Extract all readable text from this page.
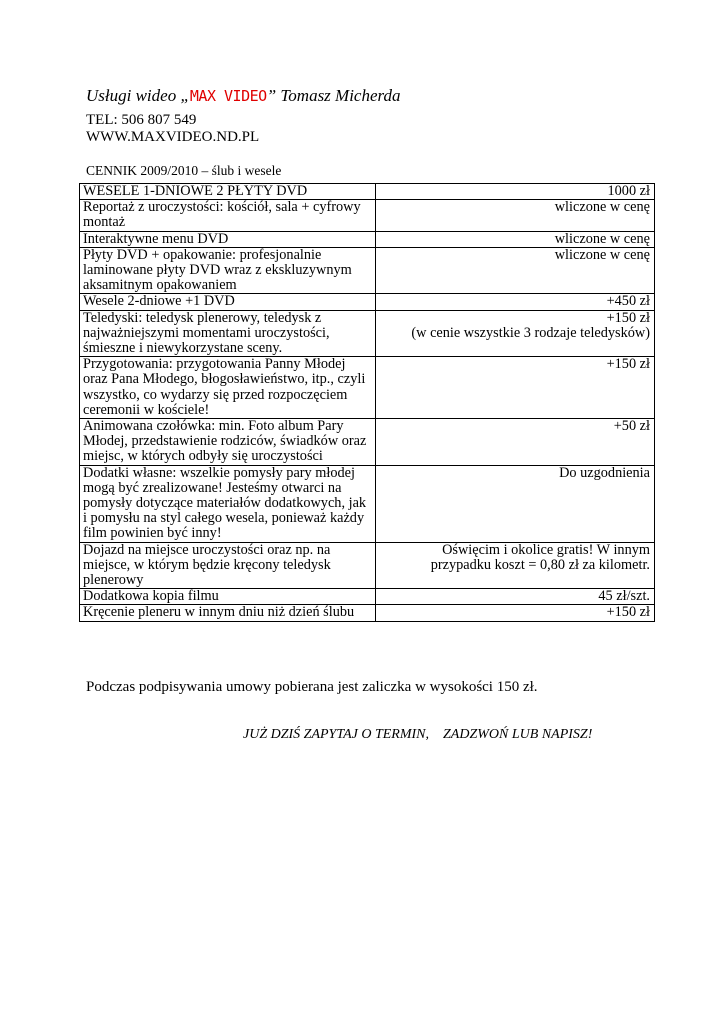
Usługi wideo „MAX VIDEO” Tomasz Micherda
TEL: 506 807 549
WWW.MAXVIDEO.ND.PL
CENNIK 2009/2010 – ślub i wesele
WESELE 1-DNIOWE 2 PŁYTY DVD	1000 zł
Reportaż z uroczystości: kościół, sala + cyfrowy montaż	wliczone w cenę
Interaktywne menu DVD	wliczone w cenę
Płyty DVD + opakowanie: profesjonalnie laminowane płyty DVD wraz z ekskluzywnym aksamitnym opakowaniem	wliczone w cenę
Wesele 2-dniowe +1 DVD	+450 zł
Teledyski: teledysk plenerowy, teledysk z najważniejszymi momentami uroczystości, śmieszne i niewykorzystane sceny.	+150 zł
(w cenie wszystkie 3 rodzaje teledysków)
Przygotowania: przygotowania Panny Młodej oraz Pana Młodego, błogosławieństwo, itp., czyli wszystko, co wydarzy się przed rozpoczęciem ceremonii w kościele!	+150 zł
Animowana czołówka: min. Foto album Pary Młodej, przedstawienie rodziców, świadków oraz miejsc, w których odbyły się uroczystości	+50 zł
Dodatki własne: wszelkie pomysły pary młodej mogą być zrealizowane! Jesteśmy otwarci na pomysły dotyczące materiałów dodatkowych, jak i pomysłu na styl całego wesela, ponieważ każdy film powinien być inny!	Do uzgodnienia
Dojazd na miejsce uroczystości oraz np. na miejsce, w którym będzie kręcony teledysk plenerowy	Oświęcim i okolice gratis! W innym przypadku koszt = 0,80 zł za kilometr.
Dodatkowa kopia filmu	45 zł/szt.
Kręcenie pleneru w innym dniu niż dzień ślubu	+150 zł
Podczas podpisywania umowy pobierana jest zaliczka w wysokości 150 zł.
JUŻ DZIŚ ZAPYTAJ O TERMIN,    ZADZWOŃ LUB NAPISZ!
